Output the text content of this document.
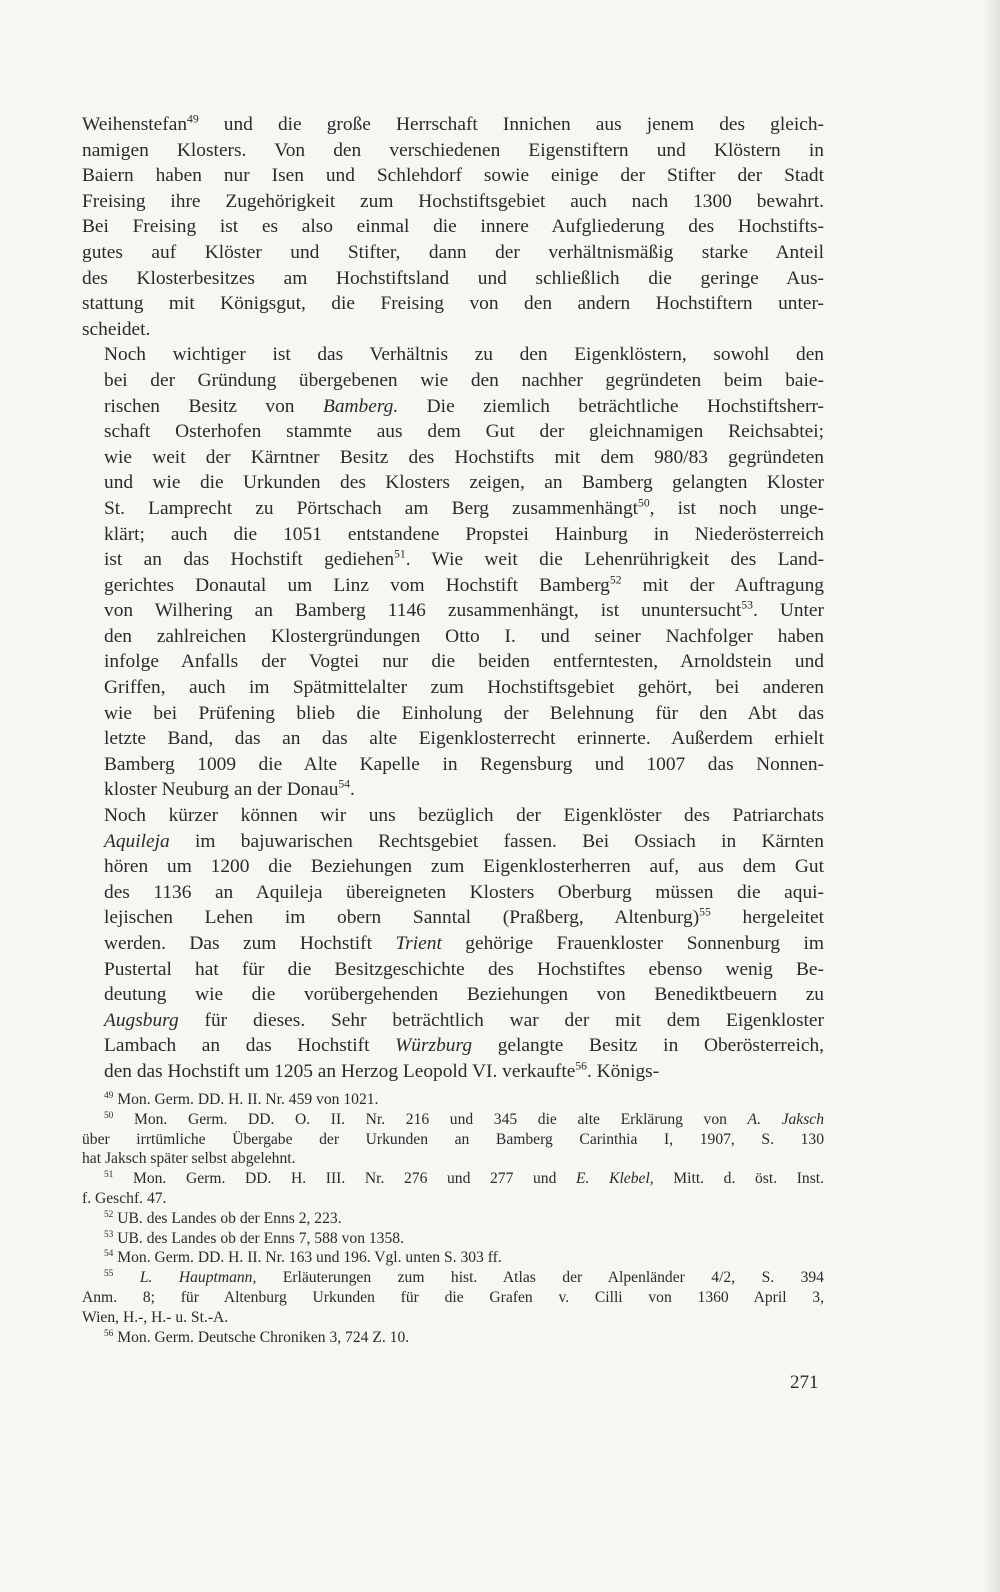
Weihenstefan$^{49}$ und die große Herrschaft Innichen aus jenem des gleich-
namigen Klosters. Von den verschiedenen Eigenstiftern und Klöstern in
Baiern haben nur Isen und Schlehdorf sowie einige der Stifter der Stadt
Freising ihre Zugehörigkeit zum Hochstiftsgebiet auch nach 1300 bewahrt.
Bei Freising ist es also einmal die innere Aufgliederung des Hochstifts-
gutes auf Klöster und Stifter, dann der verhältnismäßig starke Anteil
des Klosterbesitzes am Hochstiftsland und schließlich die geringe Aus-
stattung mit Königsgut, die Freising von den andern Hochstiftern unter-
scheidet.
Noch wichtiger ist das Verhältnis zu den Eigenklöstern, sowohl den
bei der Gründung übergebenen wie den nachher gegründeten beim baie-
rischen Besitz von Bamberg. Die ziemlich beträchtliche Hochstiftsherr-
schaft Osterhofen stammte aus dem Gut der gleichnamigen Reichsabtei;
wie weit der Kärntner Besitz des Hochstifts mit dem 980/83 gegründeten
und wie die Urkunden des Klosters zeigen, an Bamberg gelangten Kloster
St. Lamprecht zu Pörtschach am Berg zusammenhängt$^{50}$, ist noch unge-
klärt; auch die 1051 entstandene Propstei Hainburg in Niederösterreich
ist an das Hochstift gediehen$^{51}$. Wie weit die Lehenrührigkeit des Land-
gerichtes Donautal um Linz vom Hochstift Bamberg$^{52}$ mit der Auftragung
von Wilhering an Bamberg 1146 zusammenhängt, ist ununtersucht$^{53}$. Unter
den zahlreichen Klostergründungen Otto I. und seiner Nachfolger haben
infolge Anfalls der Vogtei nur die beiden entferntesten, Arnoldstein und
Griffen, auch im Spätmittelalter zum Hochstiftsgebiet gehört, bei anderen
wie bei Prüfening blieb die Einholung der Belehnung für den Abt das
letzte Band, das an das alte Eigenklosterrecht erinnerte. Außerdem erhielt
Bamberg 1009 die Alte Kapelle in Regensburg und 1007 das Nonnen-
kloster Neuburg an der Donau$^{54}$.
Noch kürzer können wir uns bezüglich der Eigenklöster des Patriarchats
Aquileja im bajuwarischen Rechtsgebiet fassen. Bei Ossiach in Kärnten
hören um 1200 die Beziehungen zum Eigenklosterherren auf, aus dem Gut
des 1136 an Aquileja übereigneten Klosters Oberburg müssen die aqui-
lejischen Lehen im obern Sanntal (Praßberg, Altenburg)$^{55}$ hergeleitet
werden. Das zum Hochstift Trient gehörige Frauenkloster Sonnenburg im
Pustertal hat für die Besitzgeschichte des Hochstiftes ebenso wenig Be-
deutung wie die vorübergehenden Beziehungen von Benediktbeuern zu
Augsburg für dieses. Sehr beträchtlich war der mit dem Eigenkloster
Lambach an das Hochstift Würzburg gelangte Besitz in Oberösterreich,
den das Hochstift um 1205 an Herzog Leopold VI. verkaufte$^{56}$. Königs-
$^{49}$ Mon. Germ. DD. H. II. Nr. 459 von 1021.
$^{50}$ Mon. Germ. DD. O. II. Nr. 216 und 345 die alte Erklärung von A. Jaksch
über irrtümliche Übergabe der Urkunden an Bamberg Carinthia I, 1907, S. 130
hat Jaksch später selbst abgelehnt.
$^{51}$ Mon. Germ. DD. H. III. Nr. 276 und 277 und E. Klebel, Mitt. d. öst. Inst.
f. Geschf. 47.
$^{52}$ UB. des Landes ob der Enns 2, 223.
$^{53}$ UB. des Landes ob der Enns 7, 588 von 1358.
$^{54}$ Mon. Germ. DD. H. II. Nr. 163 und 196. Vgl. unten S. 303 ff.
$^{55}$ L. Hauptmann, Erläuterungen zum hist. Atlas der Alpenländer 4/2, S. 394
Anm. 8; für Altenburg Urkunden für die Grafen v. Cilli von 1360 April 3,
Wien, H.-, H.- u. St.-A.
$^{56}$ Mon. Germ. Deutsche Chroniken 3, 724 Z. 10.
271
